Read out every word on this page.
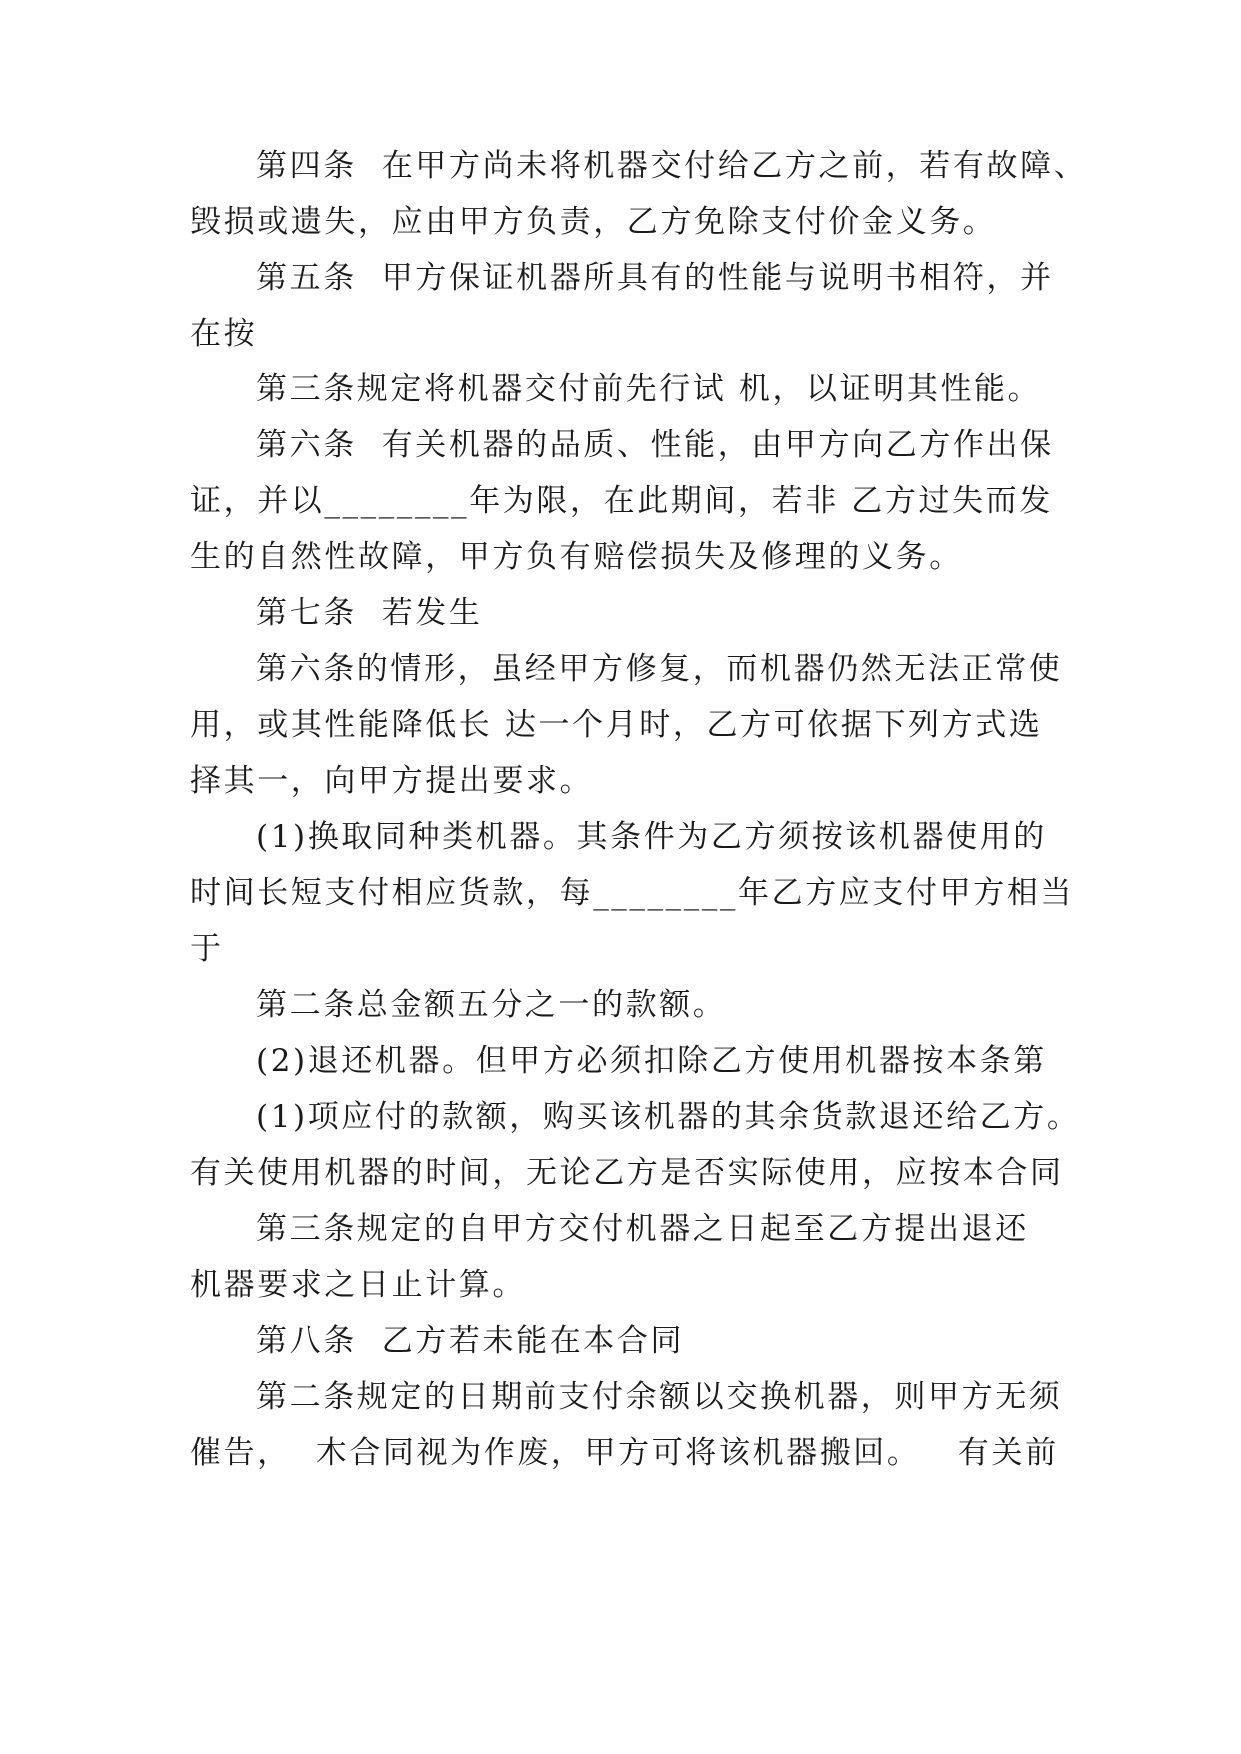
第四条  在甲方尚未将机器交付给乙方之前，若有故障、
毁损或遗失，应由甲方负责，乙方免除支付价金义务。
第五条  甲方保证机器所具有的性能与说明书相符，并
在按
第三条规定将机器交付前先行试 机，以证明其性能。
第六条  有关机器的品质、性能，由甲方向乙方作出保
证，并以________年为限，在此期间，若非 乙方过失而发
生的自然性故障，甲方负有赔偿损失及修理的义务。
第七条  若发生
第六条的情形，虽经甲方修复，而机器仍然无法正常使
用，或其性能降低长 达一个月时，乙方可依据下列方式选
择其一，向甲方提出要求。
(1)换取同种类机器。其条件为乙方须按该机器使用的
时间长短支付相应货款，每________年乙方应支付甲方相当
于
第二条总金额五分之一的款额。
(2)退还机器。但甲方必须扣除乙方使用机器按本条第
(1)项应付的款额，购买该机器的其余货款退还给乙方。
有关使用机器的时间，无论乙方是否实际使用，应按本合同
第三条规定的自甲方交付机器之日起至乙方提出退还
机器要求之日止计算。
第八条  乙方若未能在本合同
第二条规定的日期前支付余额以交换机器，则甲方无须
催告，  木合同视为作废，甲方可将该机器搬回。   有关前
